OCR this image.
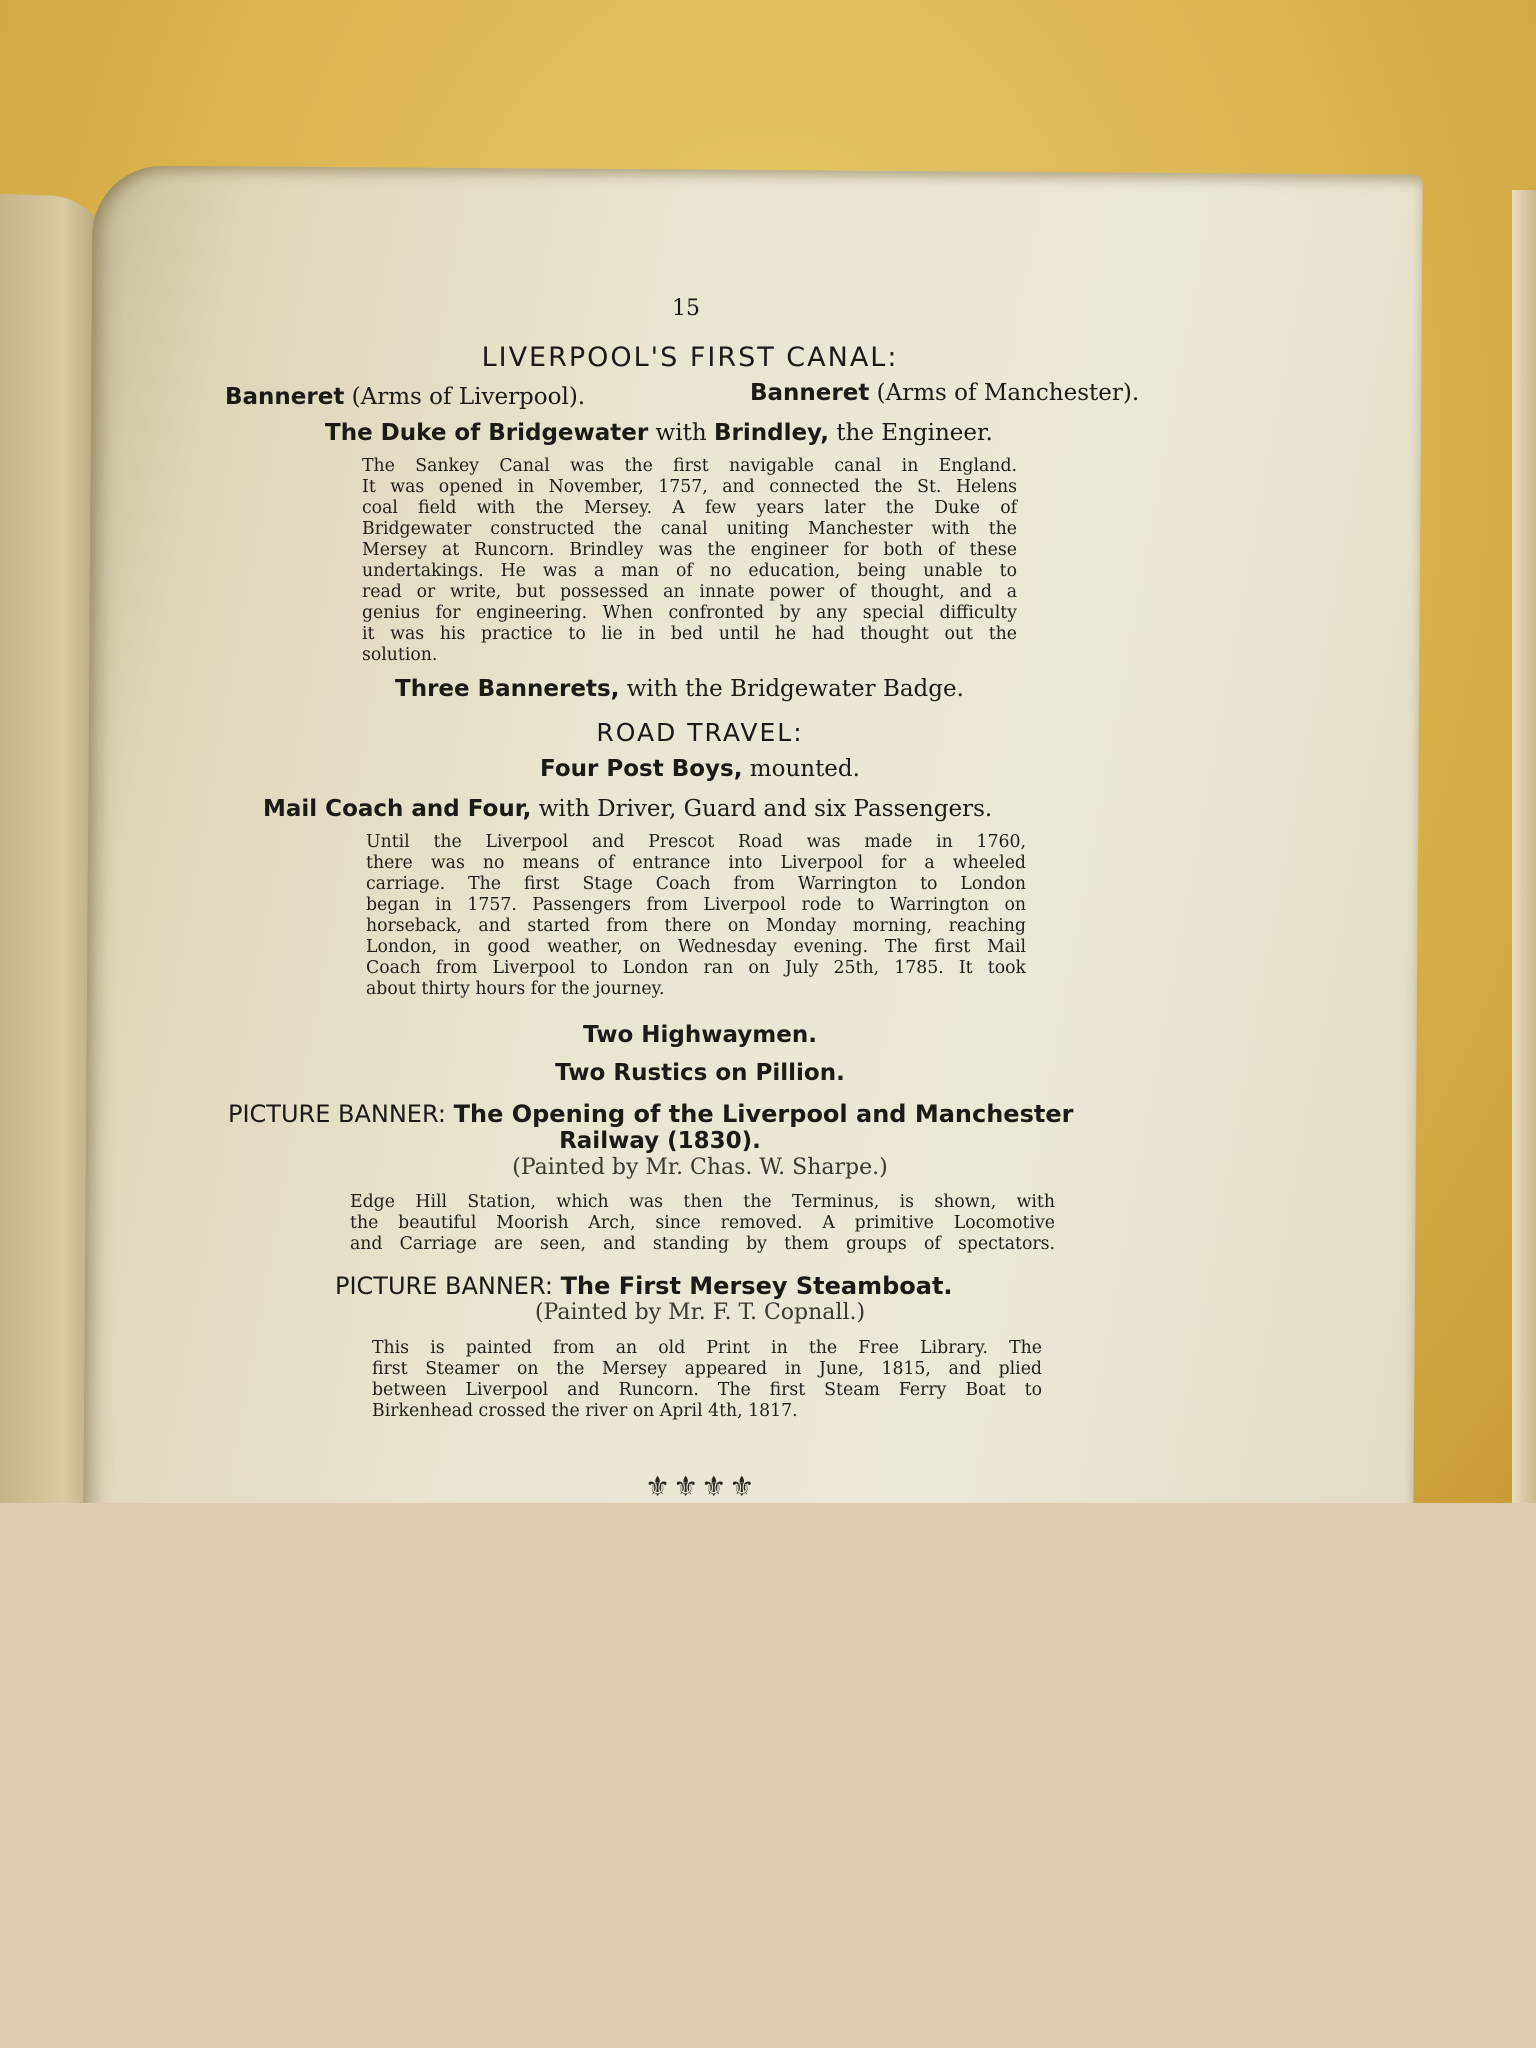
15
LIVERPOOL'S FIRST CANAL:
Banneret (Arms of Liverpool).	Banneret (Arms of Manchester).
The Duke of Bridgewater with Brindley, the Engineer.
The Sankey Canal was the first navigable canal in England.
It was opened in November, 1757, and connected the St. Helens
coal field with the Mersey. A few years later the Duke of
Bridgewater constructed the canal uniting Manchester with the
Mersey at Runcorn. Brindley was the engineer for both of these
undertakings. He was a man of no education, being unable to
read or write, but possessed an innate power of thought, and a
genius for engineering. When confronted by any special difficulty
it was his practice to lie in bed until he had thought out the
solution.
Three Bannerets, with the Bridgewater Badge.
ROAD TRAVEL:
Four Post Boys, mounted.
Mail Coach and Four, with Driver, Guard and six Passengers.
Until the Liverpool and Prescot Road was made in 1760,
there was no means of entrance into Liverpool for a wheeled
carriage. The first Stage Coach from Warrington to London
began in 1757. Passengers from Liverpool rode to Warrington on
horseback, and started from there on Monday morning, reaching
London, in good weather, on Wednesday evening. The first Mail
Coach from Liverpool to London ran on July 25th, 1785. It took
about thirty hours for the journey.
Two Highwaymen.
Two Rustics on Pillion.
PICTURE BANNER: The Opening of the Liverpool and Manchester
Railway (1830).
(Painted by Mr. Chas. W. Sharpe.)
Edge Hill Station, which was then the Terminus, is shown, with
the beautiful Moorish Arch, since removed. A primitive Locomotive
and Carriage are seen, and standing by them groups of spectators.
PICTURE BANNER: The First Mersey Steamboat.
(Painted by Mr. F. T. Copnall.)
This is painted from an old Print in the Free Library. The
first Steamer on the Mersey appeared in June, 1815, and plied
between Liverpool and Runcorn. The first Steam Ferry Boat to
Birkenhead crossed the river on April 4th, 1817.
⚜⚜⚜⚜
